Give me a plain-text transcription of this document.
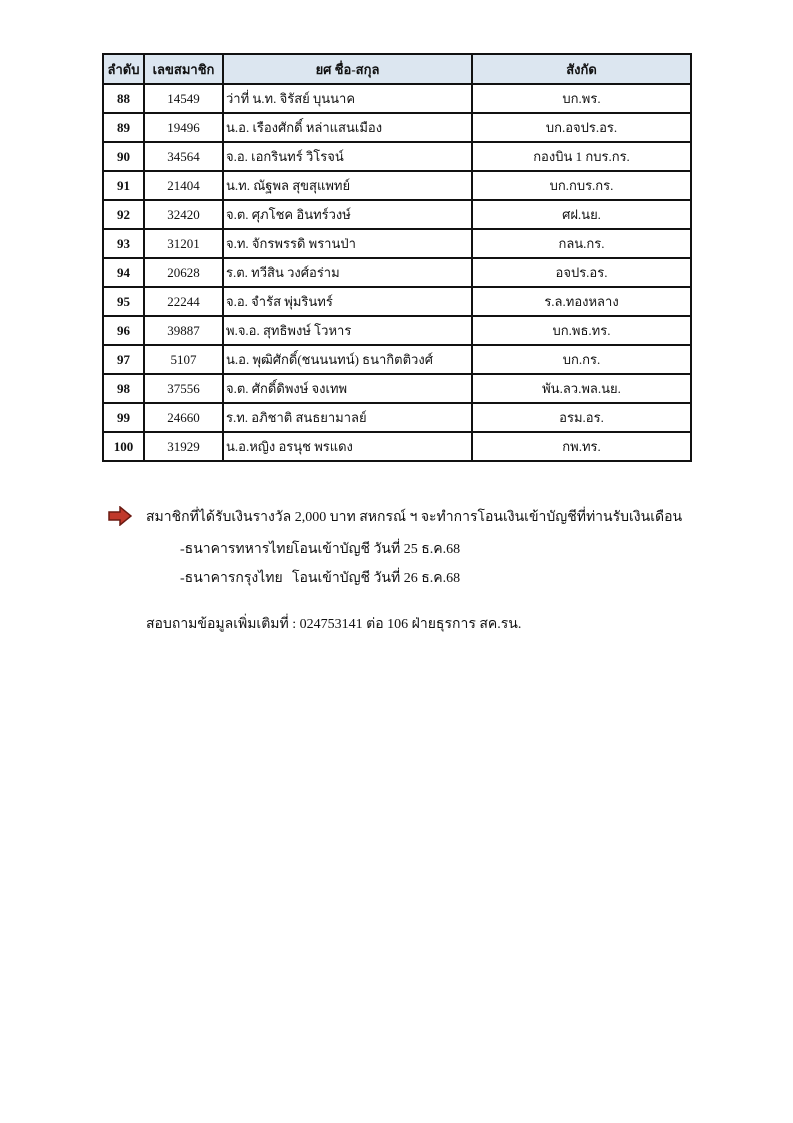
ลำดับ	เลขสมาชิก	ยศ ชื่อ-สกุล	สังกัด
88	14549	ว่าที่ น.ท. จิรัสย์ บุนนาค	บก.พร.
89	19496	น.อ. เรืองศักดิ์ หล่าแสนเมือง	บก.อจปร.อร.
90	34564	จ.อ. เอกรินทร์ วิโรจน์	กองบิน 1 กบร.กร.
91	21404	น.ท. ณัฐพล สุขสุแพทย์	บก.กบร.กร.
92	32420	จ.ต. ศุภโชค อินทร์วงษ์	ศฝ.นย.
93	31201	จ.ท. จักรพรรดิ พรานป่า	กลน.กร.
94	20628	ร.ต. ทวีสิน วงศ์อร่าม	อจปร.อร.
95	22244	จ.อ. จำรัส พุ่มรินทร์	ร.ล.ทองหลาง
96	39887	พ.จ.อ. สุทธิพงษ์ โวหาร	บก.พธ.ทร.
97	5107	น.อ. พุฒิศักดิ์(ชนนนทน์) ธนากิตติวงศ์	บก.กร.
98	37556	จ.ต. ศักดิ์ดิพงษ์ จงเทพ	พัน.ลว.พล.นย.
99	24660	ร.ท. อภิชาติ สนธยามาลย์	อรม.อร.
100	31929	น.อ.หญิง อรนุช พรแดง	กพ.ทร.
สมาชิกที่ได้รับเงินรางวัล 2,000 บาท สหกรณ์ ฯ จะทำการโอนเงินเข้าบัญชีที่ท่านรับเงินเดือน
-ธนาคารทหารไทยโอนเข้าบัญชี วันที่ 25 ธ.ค.68
-ธนาคารกรุงไทย โอนเข้าบัญชี วันที่ 26 ธ.ค.68
สอบถามข้อมูลเพิ่มเติมที่ : 024753141 ต่อ 106 ฝ่ายธุรการ สค.รน.
